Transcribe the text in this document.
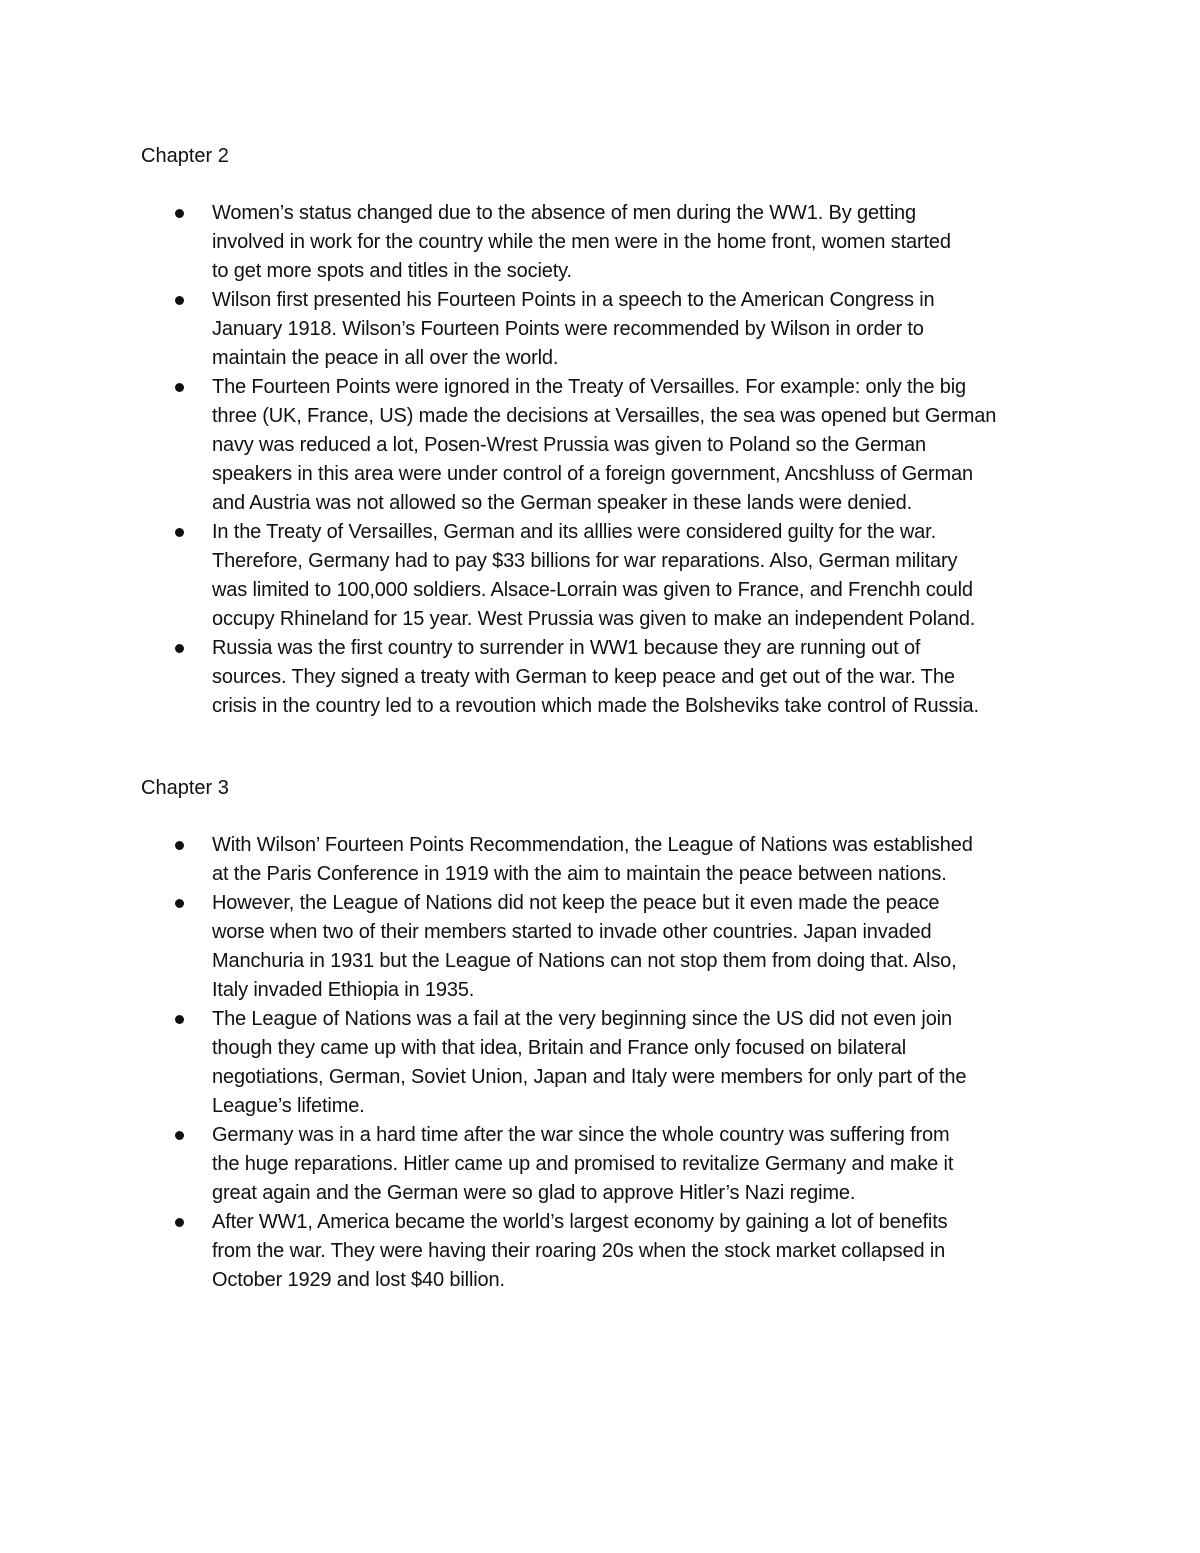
Chapter 2
Women’s status changed due to the absence of men during the WW1. By getting
involved in work for the country while the men were in the home front, women started
to get more spots and titles in the society.
Wilson first presented his Fourteen Points in a speech to the American Congress in
January 1918. Wilson’s Fourteen Points were recommended by Wilson in order to
maintain the peace in all over the world.
The Fourteen Points were ignored in the Treaty of Versailles. For example: only the big
three (UK, France, US) made the decisions at Versailles, the sea was opened but German
navy was reduced a lot, Posen-Wrest Prussia was given to Poland so the German
speakers in this area were under control of a foreign government, Ancshluss of German
and Austria was not allowed so the German speaker in these lands were denied.
In the Treaty of Versailles, German and its alllies were considered guilty for the war.
Therefore, Germany had to pay $33 billions for war reparations. Also, German military
was limited to 100,000 soldiers. Alsace-Lorrain was given to France, and Frenchh could
occupy Rhineland for 15 year. West Prussia was given to make an independent Poland.
Russia was the first country to surrender in WW1 because they are running out of
sources. They signed a treaty with German to keep peace and get out of the war. The
crisis in the country led to a revoution which made the Bolsheviks take control of Russia.
Chapter 3
With Wilson’ Fourteen Points Recommendation, the League of Nations was established
at the Paris Conference in 1919 with the aim to maintain the peace between nations.
However, the League of Nations did not keep the peace but it even made the peace
worse when two of their members started to invade other countries. Japan invaded
Manchuria in 1931 but the League of Nations can not stop them from doing that. Also,
Italy invaded Ethiopia in 1935.
The League of Nations was a fail at the very beginning since the US did not even join
though they came up with that idea, Britain and France only focused on bilateral
negotiations, German, Soviet Union, Japan and Italy were members for only part of the
League’s lifetime.
Germany was in a hard time after the war since the whole country was suffering from
the huge reparations. Hitler came up and promised to revitalize Germany and make it
great again and the German were so glad to approve Hitler’s Nazi regime.
After WW1, America became the world’s largest economy by gaining a lot of benefits
from the war. They were having their roaring 20s when the stock market collapsed in
October 1929 and lost $40 billion.
